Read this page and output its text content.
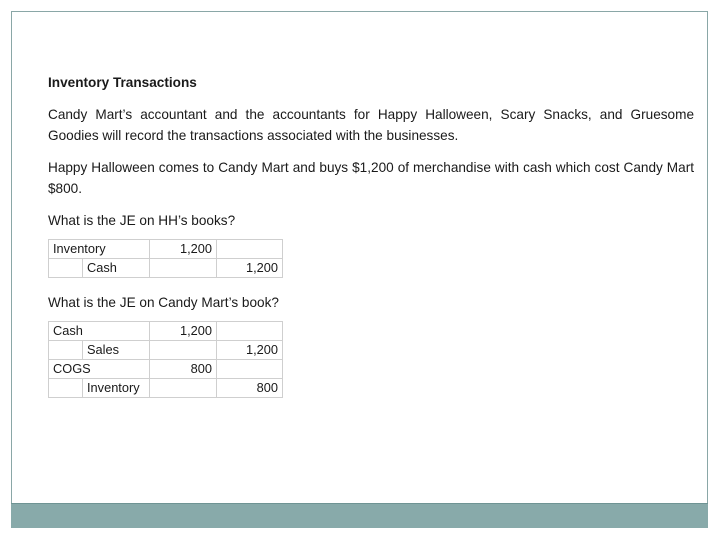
Inventory Transactions

Candy Mart’s accountant and the accountants for Happy Halloween, Scary Snacks, and Gruesome Goodies will record the transactions associated with the businesses.

Happy Halloween comes to Candy Mart and buys $1,200 of merchandise with cash which cost Candy Mart $800.

What is the JE on HH’s books?
Inventory		1,200	
	Cash		1,200
What is the JE on Candy Mart’s book?
Cash		1,200	
	Sales		1,200
COGS		800	
	Inventory		800
